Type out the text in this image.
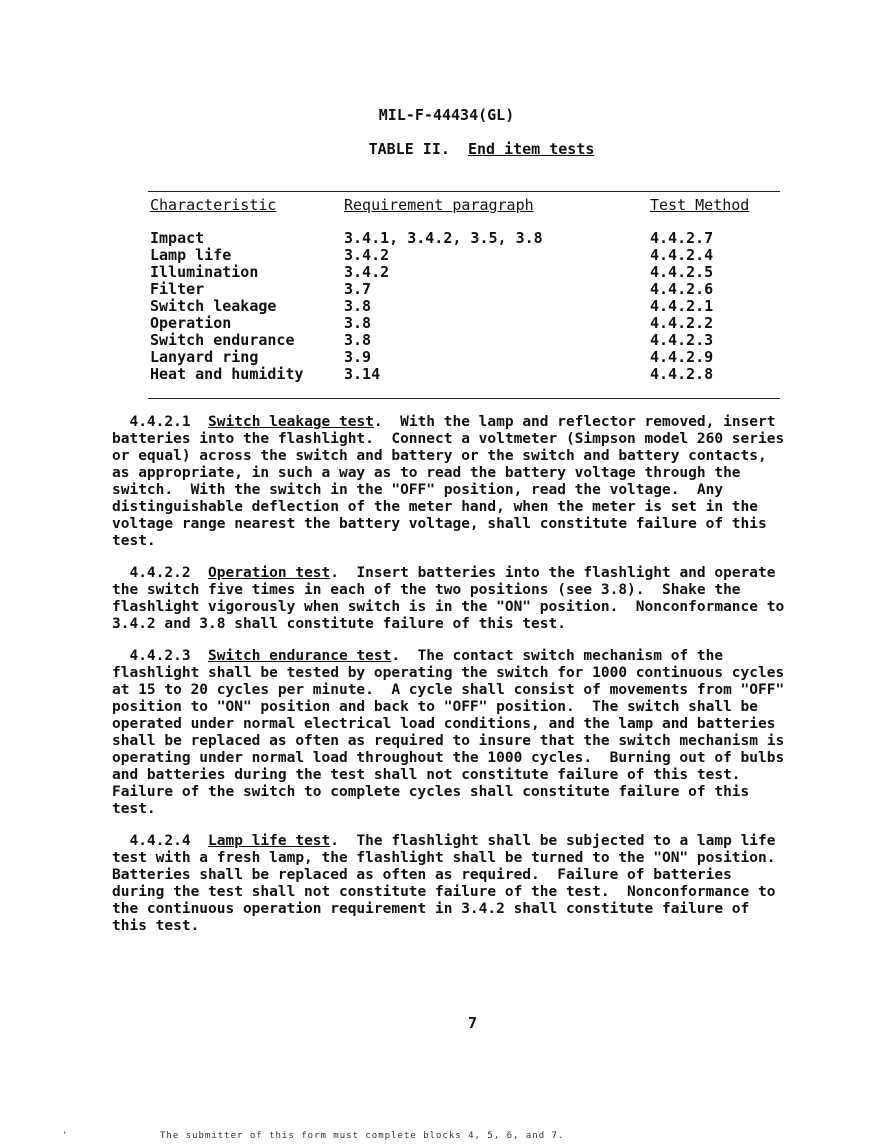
MIL-F-44434(GL)
TABLE II. End item tests
Characteristic	Requirement paragraph	Test Method

Impact	3.4.1, 3.4.2, 3.5, 3.8	4.4.2.7
Lamp life	3.4.2	4.4.2.4
Illumination	3.4.2	4.4.2.5
Filter	3.7	4.4.2.6
Switch leakage	3.8	4.4.2.1
Operation	3.8	4.4.2.2
Switch endurance	3.8	4.4.2.3
Lanyard ring	3.9	4.4.2.9
Heat and humidity	3.14	4.4.2.8
4.4.2.1 Switch leakage test.  With the lamp and reflector removed, insert
batteries into the flashlight.  Connect a voltmeter (Simpson model 260 series
or equal) across the switch and battery or the switch and battery contacts,
as appropriate, in such a way as to read the battery voltage through the
switch.  With the switch in the "OFF" position, read the voltage.  Any
distinguishable deflection of the meter hand, when the meter is set in the
voltage range nearest the battery voltage, shall constitute failure of this
test.
4.4.2.2 Operation test.  Insert batteries into the flashlight and operate
the switch five times in each of the two positions (see 3.8).  Shake the
flashlight vigorously when switch is in the "ON" position.  Nonconformance to
3.4.2 and 3.8 shall constitute failure of this test.
4.4.2.3 Switch endurance test.  The contact switch mechanism of the
flashlight shall be tested by operating the switch for 1000 continuous cycles
at 15 to 20 cycles per minute.  A cycle shall consist of movements from "OFF"
position to "ON" position and back to "OFF" position.  The switch shall be
operated under normal electrical load conditions, and the lamp and batteries
shall be replaced as often as required to insure that the switch mechanism is
operating under normal load throughout the 1000 cycles.  Burning out of bulbs
and batteries during the test shall not constitute failure of this test.
Failure of the switch to complete cycles shall constitute failure of this
test.
4.4.2.4 Lamp life test.  The flashlight shall be subjected to a lamp life
test with a fresh lamp, the flashlight shall be turned to the "ON" position.
Batteries shall be replaced as often as required.  Failure of batteries
during the test shall not constitute failure of the test.  Nonconformance to
the continuous operation requirement in 3.4.2 shall constitute failure of
this test.
7
'	The submitter of this form must complete blocks 4, 5, 6, and 7.
